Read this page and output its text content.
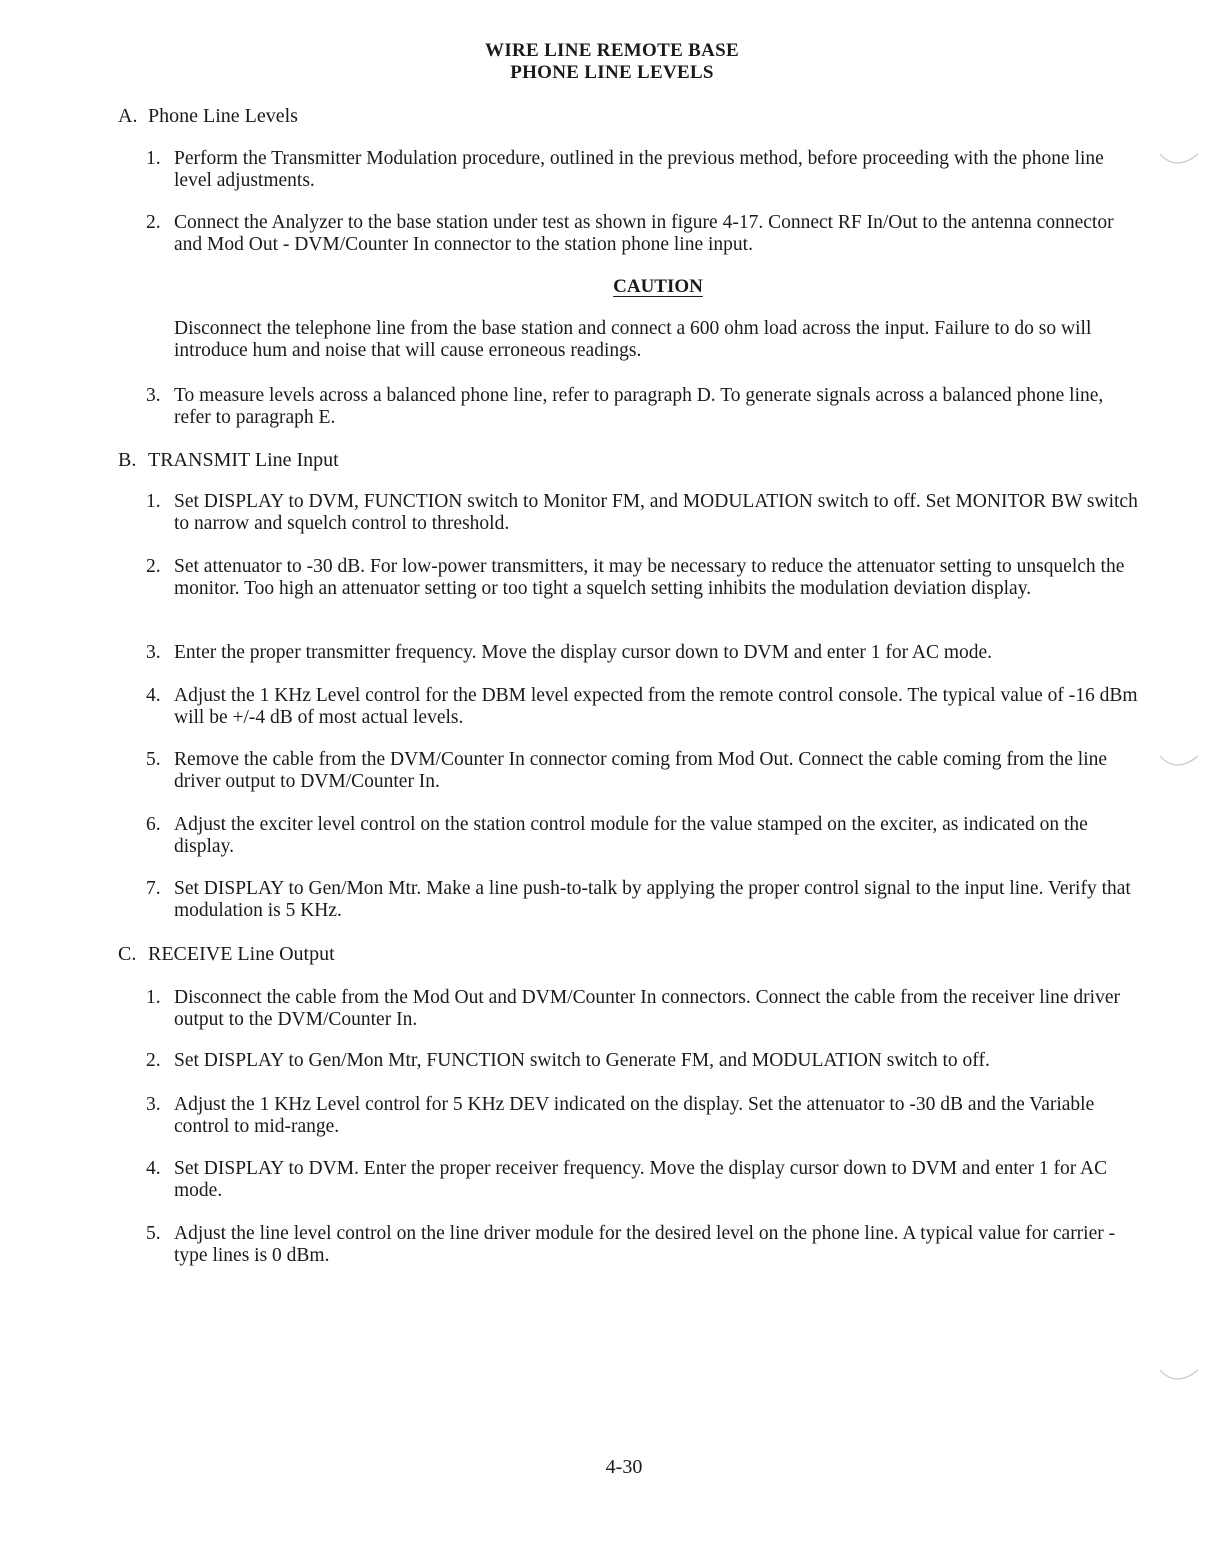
WIRE LINE REMOTE BASE
PHONE LINE LEVELS
A. Phone Line Levels
1. Perform the Transmitter Modulation procedure, outlined in the previous method, before proceeding with the phone line level adjustments.
2. Connect the Analyzer to the base station under test as shown in figure 4-17. Connect RF In/Out to the antenna connector and Mod Out - DVM/Counter In connector to the station phone line input.
CAUTION
Disconnect the telephone line from the base station and connect a 600 ohm load across the input. Failure to do so will introduce hum and noise that will cause erroneous readings.
3. To measure levels across a balanced phone line, refer to paragraph D. To generate signals across a balanced phone line, refer to paragraph E.
B. TRANSMIT Line Input
1. Set DISPLAY to DVM, FUNCTION switch to Monitor FM, and MODULATION switch to off. Set MONITOR BW switch to narrow and squelch control to threshold.
2. Set attenuator to -30 dB. For low-power transmitters, it may be necessary to reduce the attenuator setting to unsquelch the monitor. Too high an attenuator setting or too tight a squelch setting inhibits the modulation deviation display.
3. Enter the proper transmitter frequency. Move the display cursor down to DVM and enter 1 for AC mode.
4. Adjust the 1 KHz Level control for the DBM level expected from the remote control console. The typical value of -16 dBm will be +/-4 dB of most actual levels.
5. Remove the cable from the DVM/Counter In connector coming from Mod Out. Connect the cable coming from the line driver output to DVM/Counter In.
6. Adjust the exciter level control on the station control module for the value stamped on the exciter, as indicated on the display.
7. Set DISPLAY to Gen/Mon Mtr. Make a line push-to-talk by applying the proper control signal to the input line. Verify that modulation is 5 KHz.
C. RECEIVE Line Output
1. Disconnect the cable from the Mod Out and DVM/Counter In connectors. Connect the cable from the receiver line driver output to the DVM/Counter In.
2. Set DISPLAY to Gen/Mon Mtr, FUNCTION switch to Generate FM, and MODULATION switch to off.
3. Adjust the 1 KHz Level control for 5 KHz DEV indicated on the display. Set the attenuator to -30 dB and the Variable control to mid-range.
4. Set DISPLAY to DVM. Enter the proper receiver frequency. Move the display cursor down to DVM and enter 1 for AC mode.
5. Adjust the line level control on the line driver module for the desired level on the phone line. A typical value for carrier - type lines is 0 dBm.
4-30
